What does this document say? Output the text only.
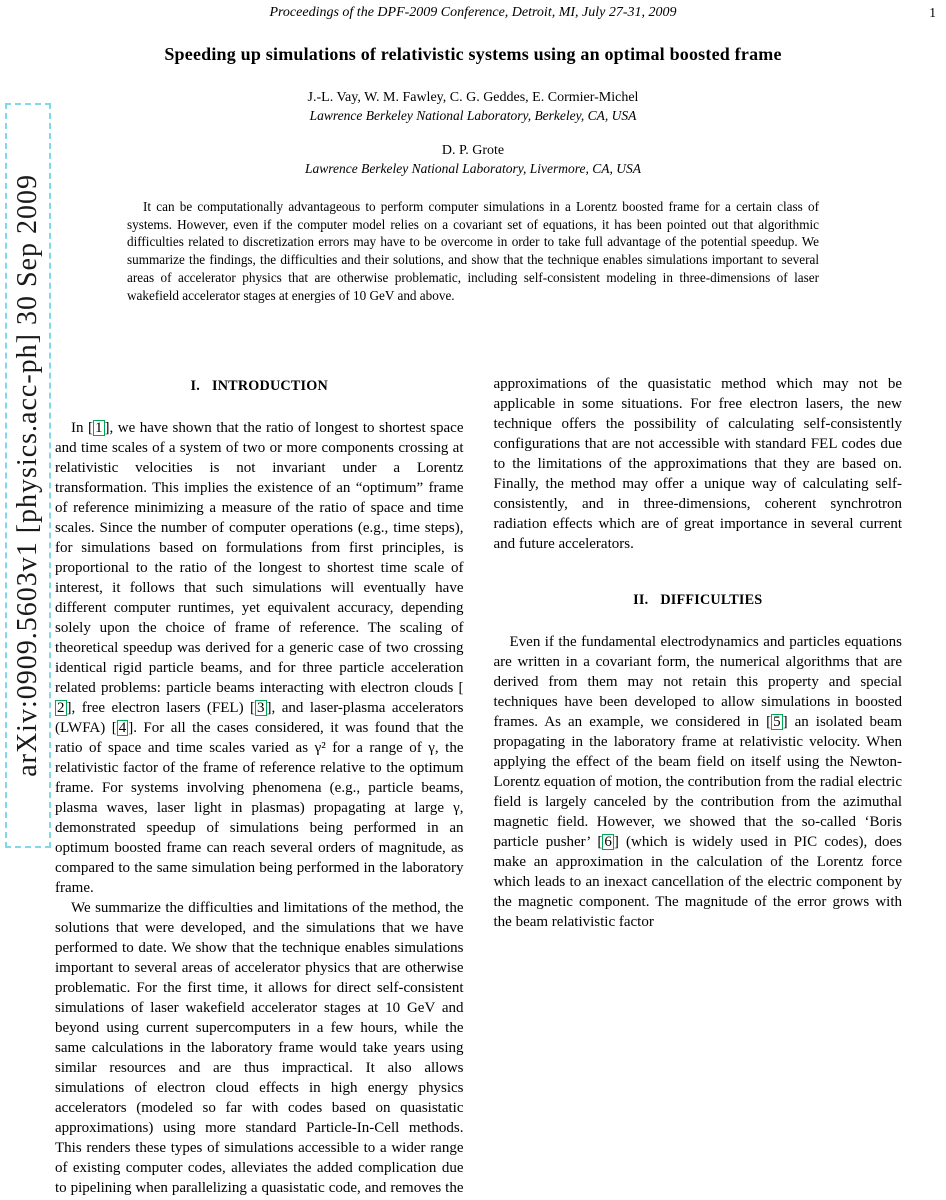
Proceedings of the DPF-2009 Conference, Detroit, MI, July 27-31, 2009	1
arXiv:0909.5603v1 [physics.acc-ph] 30 Sep 2009
Speeding up simulations of relativistic systems using an optimal boosted frame
J.-L. Vay, W. M. Fawley, C. G. Geddes, E. Cormier-Michel
Lawrence Berkeley National Laboratory, Berkeley, CA, USA
D. P. Grote
Lawrence Berkeley National Laboratory, Livermore, CA, USA
It can be computationally advantageous to perform computer simulations in a Lorentz boosted frame for a certain class of systems. However, even if the computer model relies on a covariant set of equations, it has been pointed out that algorithmic difficulties related to discretization errors may have to be overcome in order to take full advantage of the potential speedup. We summarize the findings, the difficulties and their solutions, and show that the technique enables simulations important to several areas of accelerator physics that are otherwise problematic, including self-consistent modeling in three-dimensions of laser wakefield accelerator stages at energies of 10 GeV and above.
I. INTRODUCTION

In [ 1 ], we have shown that the ratio of longest to shortest space and time scales of a system of two or more components crossing at relativistic velocities is not invariant under a Lorentz transformation. This implies the existence of an “optimum” frame of reference minimizing a measure of the ratio of space and time scales. Since the number of computer operations (e.g., time steps), for simulations based on formulations from first principles, is proportional to the ratio of the longest to shortest time scale of interest, it follows that such simulations will eventually have different computer runtimes, yet equivalent accuracy, depending solely upon the choice of frame of reference. The scaling of theoretical speedup was derived for a generic case of two crossing identical rigid particle beams, and for three particle acceleration related problems: particle beams interacting with electron clouds [2 ], free electron lasers (FEL) [ 3 ], and laser-plasma accelerators (LWFA) [ 4 ]. For all the cases considered, it was found that the ratio of space and time scales varied as γ² for a range of γ, the relativistic factor of the frame of reference relative to the optimum frame. For systems involving phenomena (e.g., particle beams, plasma waves, laser light in plasmas) propagating at large γ, demonstrated speedup of simulations being performed in an optimum boosted frame can reach several orders of magnitude, as compared to the same simulation being performed in the laboratory frame.

We summarize the difficulties and limitations of the method, the solutions that were developed, and the simulations that we have performed to date. We show that the technique enables simulations important to several areas of accelerator physics that are otherwise problematic. For the first time, it allows for direct self-consistent simulations of laser wakefield accelerator stages at 10 GeV and beyond using current supercomputers in a few hours, while the same calculations in the laboratory frame would take years using similar resources and are thus impractical. It also allows simulations of electron cloud effects in high energy physics accelerators (modeled so far with codes based on quasistatic approximations) using more standard Particle-In-Cell methods. This renders these types of simulations accessible to a wider range of existing computer codes, alleviates the added complication due to pipelining when parallelizing a quasistatic code, and removes the approximations of the quasistatic method which may not be applicable in some situations. For free electron lasers, the new technique offers the possibility of calculating self-consistently configurations that are not accessible with standard FEL codes due to the limitations of the approximations that they are based on. Finally, the method may offer a unique way of calculating self-consistently, and in three-dimensions, coherent synchrotron radiation effects which are of great importance in several current and future accelerators.

II. DIFFICULTIES

Even if the fundamental electrodynamics and particles equations are written in a covariant form, the numerical algorithms that are derived from them may not retain this property and special techniques have been developed to allow simulations in boosted frames. As an example, we considered in [ 5 ] an isolated beam propagating in the laboratory frame at relativistic velocity. When applying the effect of the beam field on itself using the Newton-Lorentz equation of motion, the contribution from the radial electric field is largely canceled by the contribution from the azimuthal magnetic field. However, we showed that the so-called ‘Boris particle pusher’ [ 6 ] (which is widely used in PIC codes), does make an approximation in the calculation of the Lorentz force which leads to an inexact cancellation of the electric component by the magnetic component. The magnitude of the error grows with the beam relativistic factor
